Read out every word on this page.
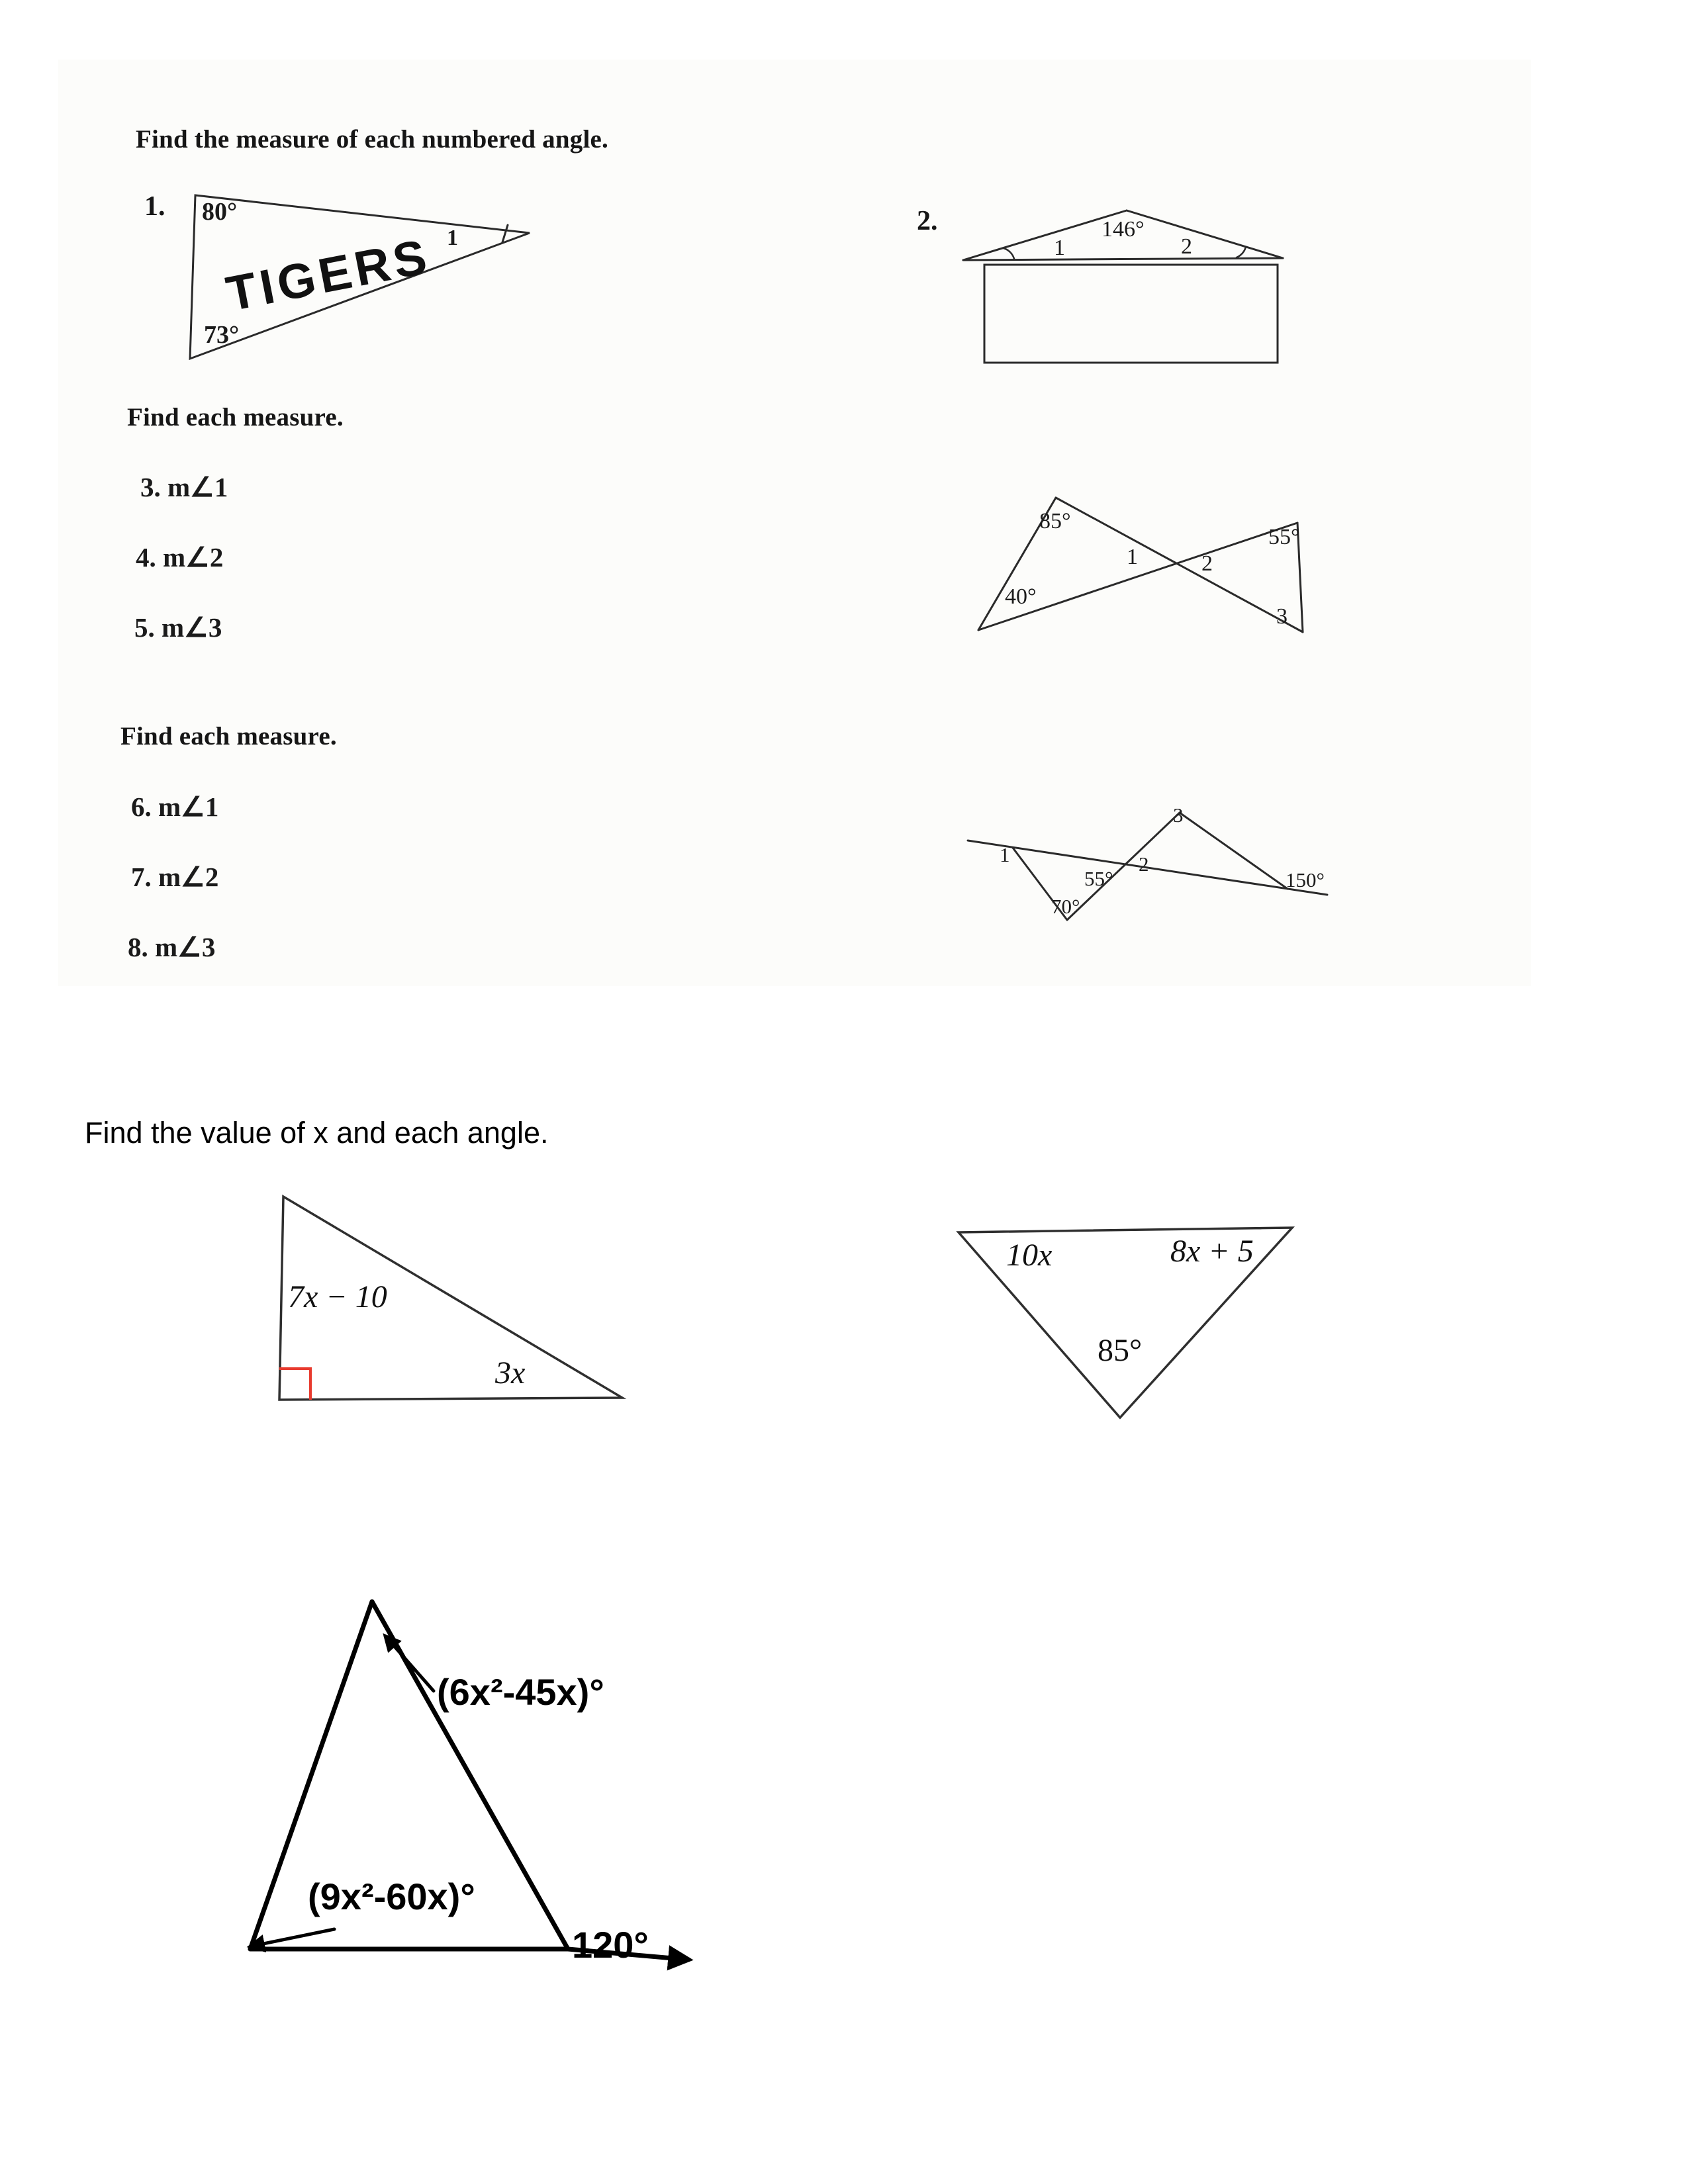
Find the measure of each numbered angle.
1. 80°
TIGERS
73°
1
2.	146°
1	2
Find each measure.
3. m∠1
4. m∠2
5. m∠3
85°
40°
1	2
55°
3
Find each measure.
6. m∠1
7. m∠2
8. m∠3
1
55°
2
3
70°
150°
Find the value of x and each angle.
7x − 10
3x
10x	8x + 5
85°
(6x²-45x)°
(9x²-60x)°
120°
